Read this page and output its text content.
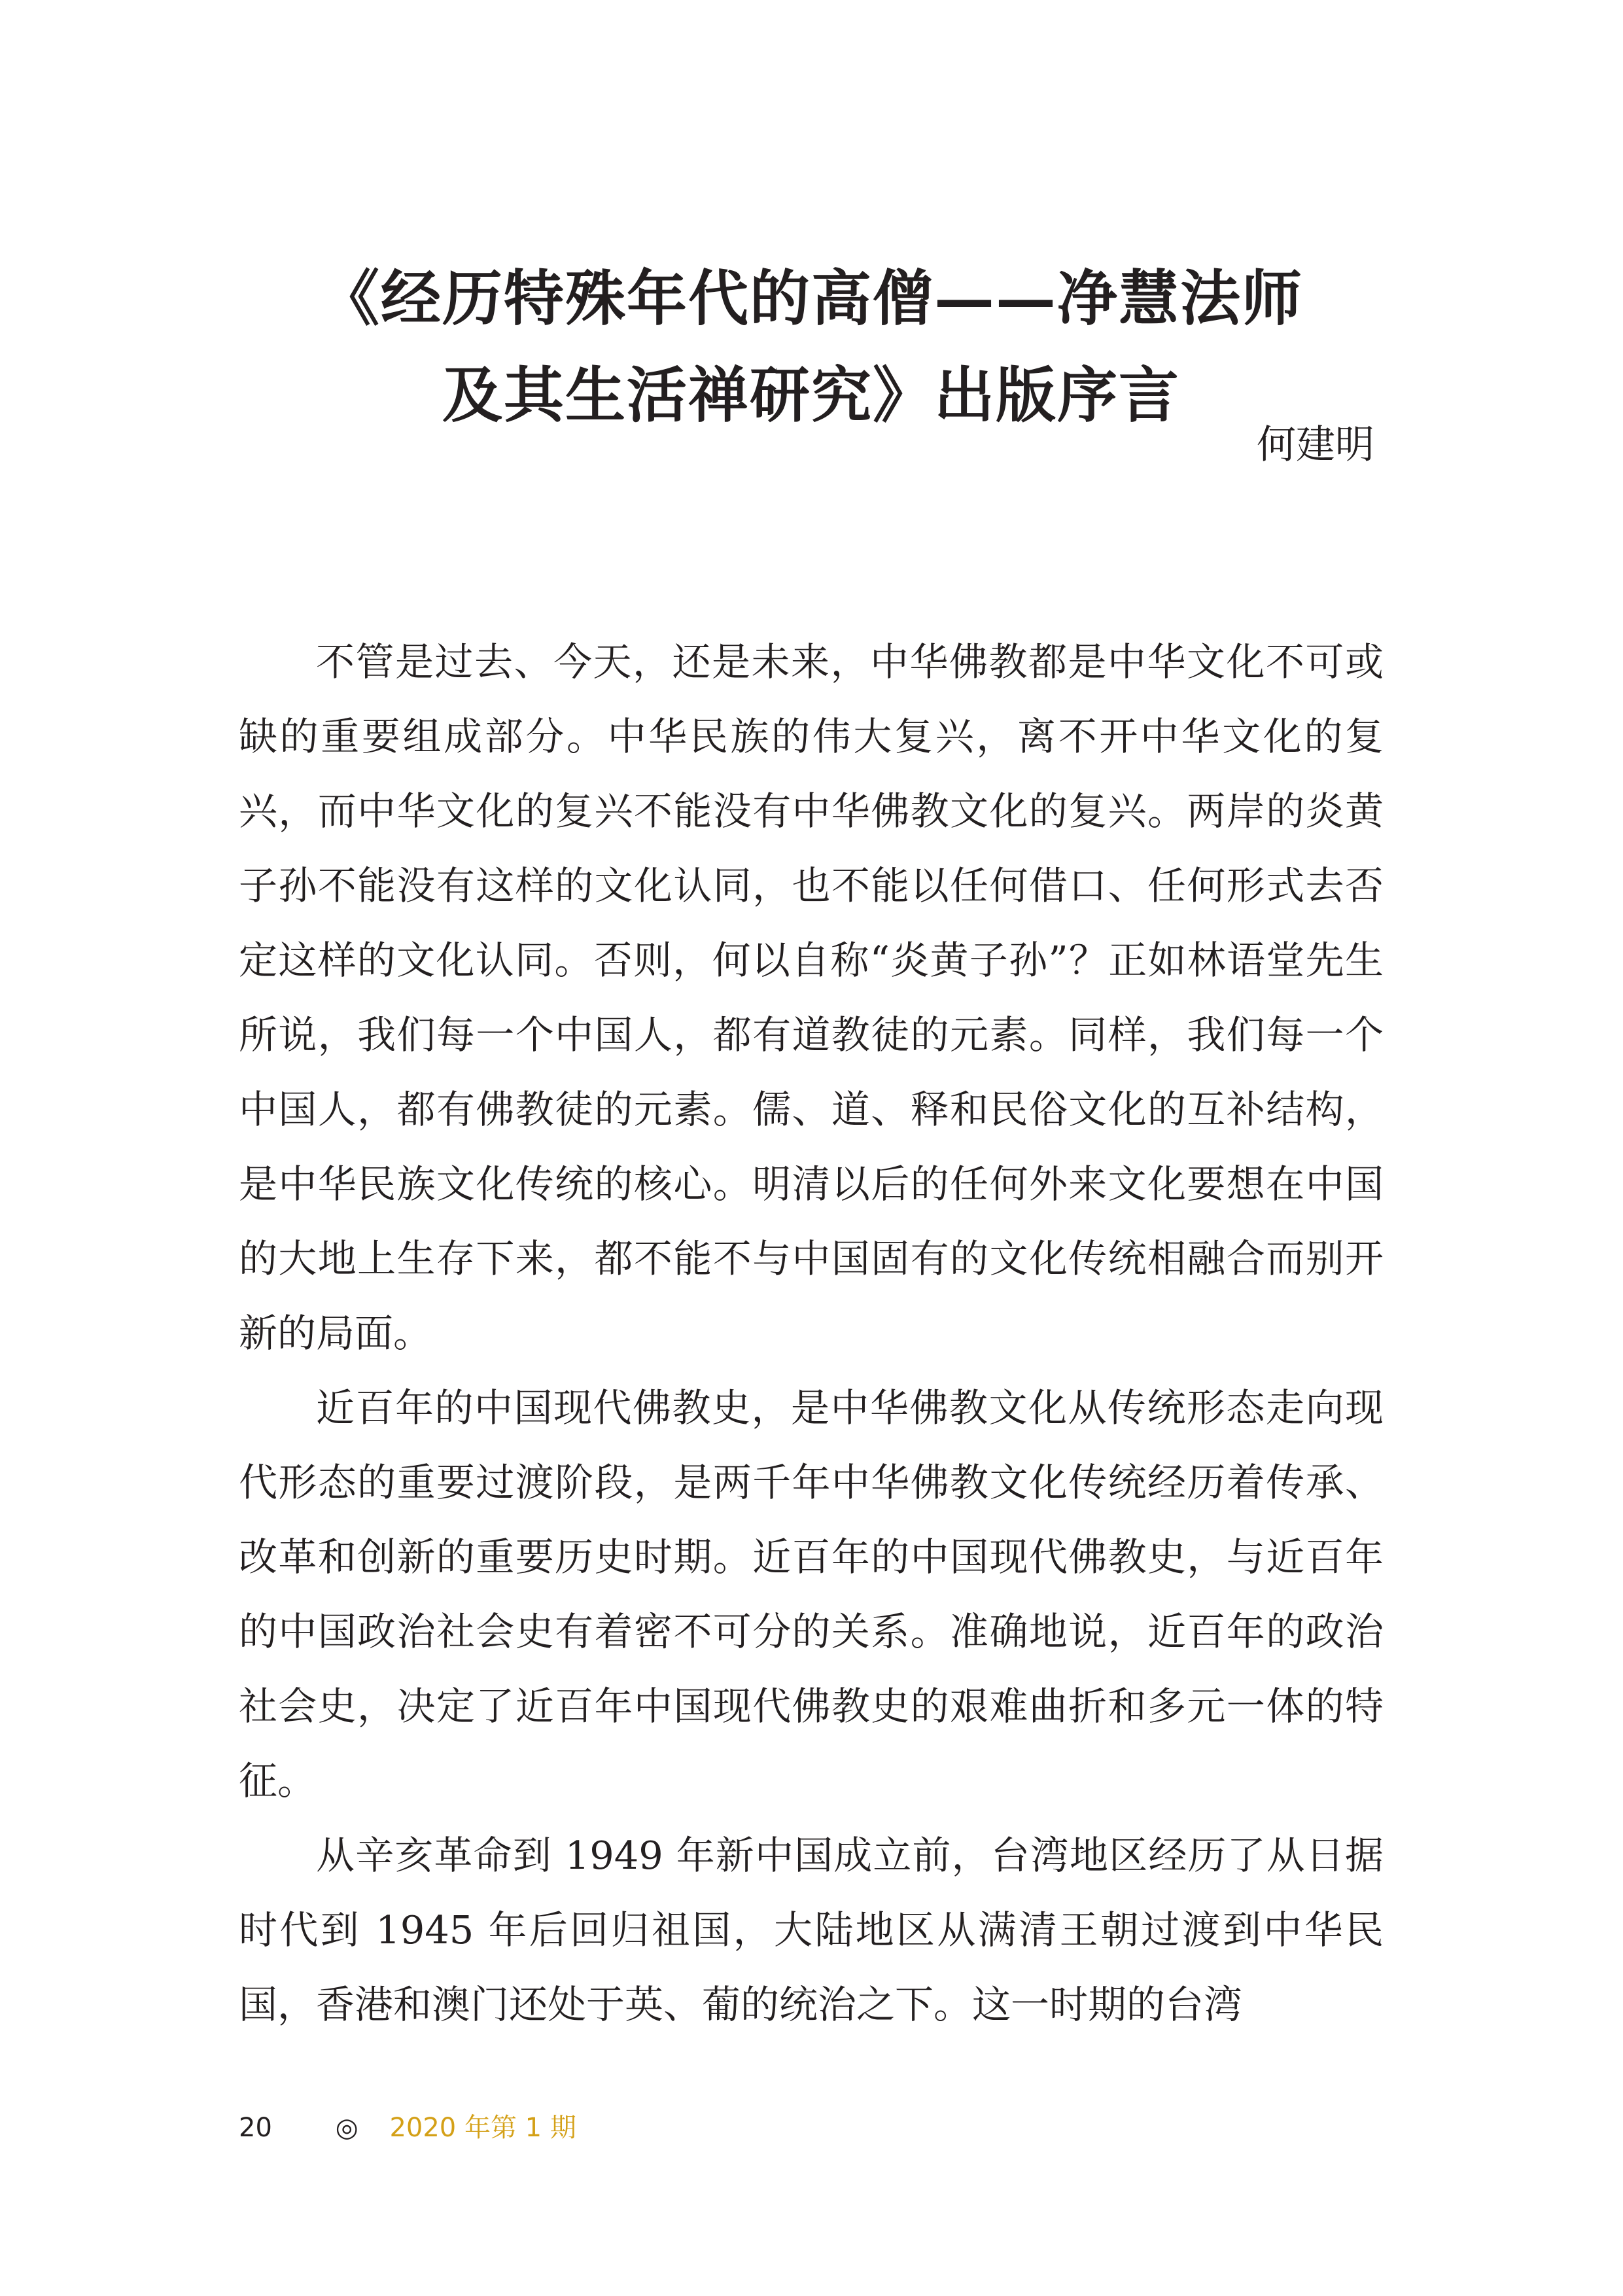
《经历特殊年代的高僧——净慧法师
及其生活禅研究》出版序言
何建明

不管是过去、今天，还是未来，中华佛教都是中华文化不可或缺的重要组成部分。中华民族的伟大复兴，离不开中华文化的复兴，而中华文化的复兴不能没有中华佛教文化的复兴。两岸的炎黄子孙不能没有这样的文化认同，也不能以任何借口、任何形式去否定这样的文化认同。否则，何以自称“炎黄子孙”？正如林语堂先生所说，我们每一个中国人，都有道教徒的元素。同样，我们每一个中国人，都有佛教徒的元素。儒、道、释和民俗文化的互补结构，是中华民族文化传统的核心。明清以后的任何外来文化要想在中国的大地上生存下来，都不能不与中国固有的文化传统相融合而别开新的局面。

近百年的中国现代佛教史，是中华佛教文化从传统形态走向现代形态的重要过渡阶段，是两千年中华佛教文化传统经历着传承、改革和创新的重要历史时期。近百年的中国现代佛教史，与近百年的中国政治社会史有着密不可分的关系。准确地说，近百年的政治社会史，决定了近百年中国现代佛教史的艰难曲折和多元一体的特征。

从辛亥革命到 1949 年新中国成立前，台湾地区经历了从日据时代到 1945 年后回归祖国，大陆地区从满清王朝过渡到中华民国，香港和澳门还处于英、葡的统治之下。这一时期的台湾

20 ◎ 2020 年第 1 期
